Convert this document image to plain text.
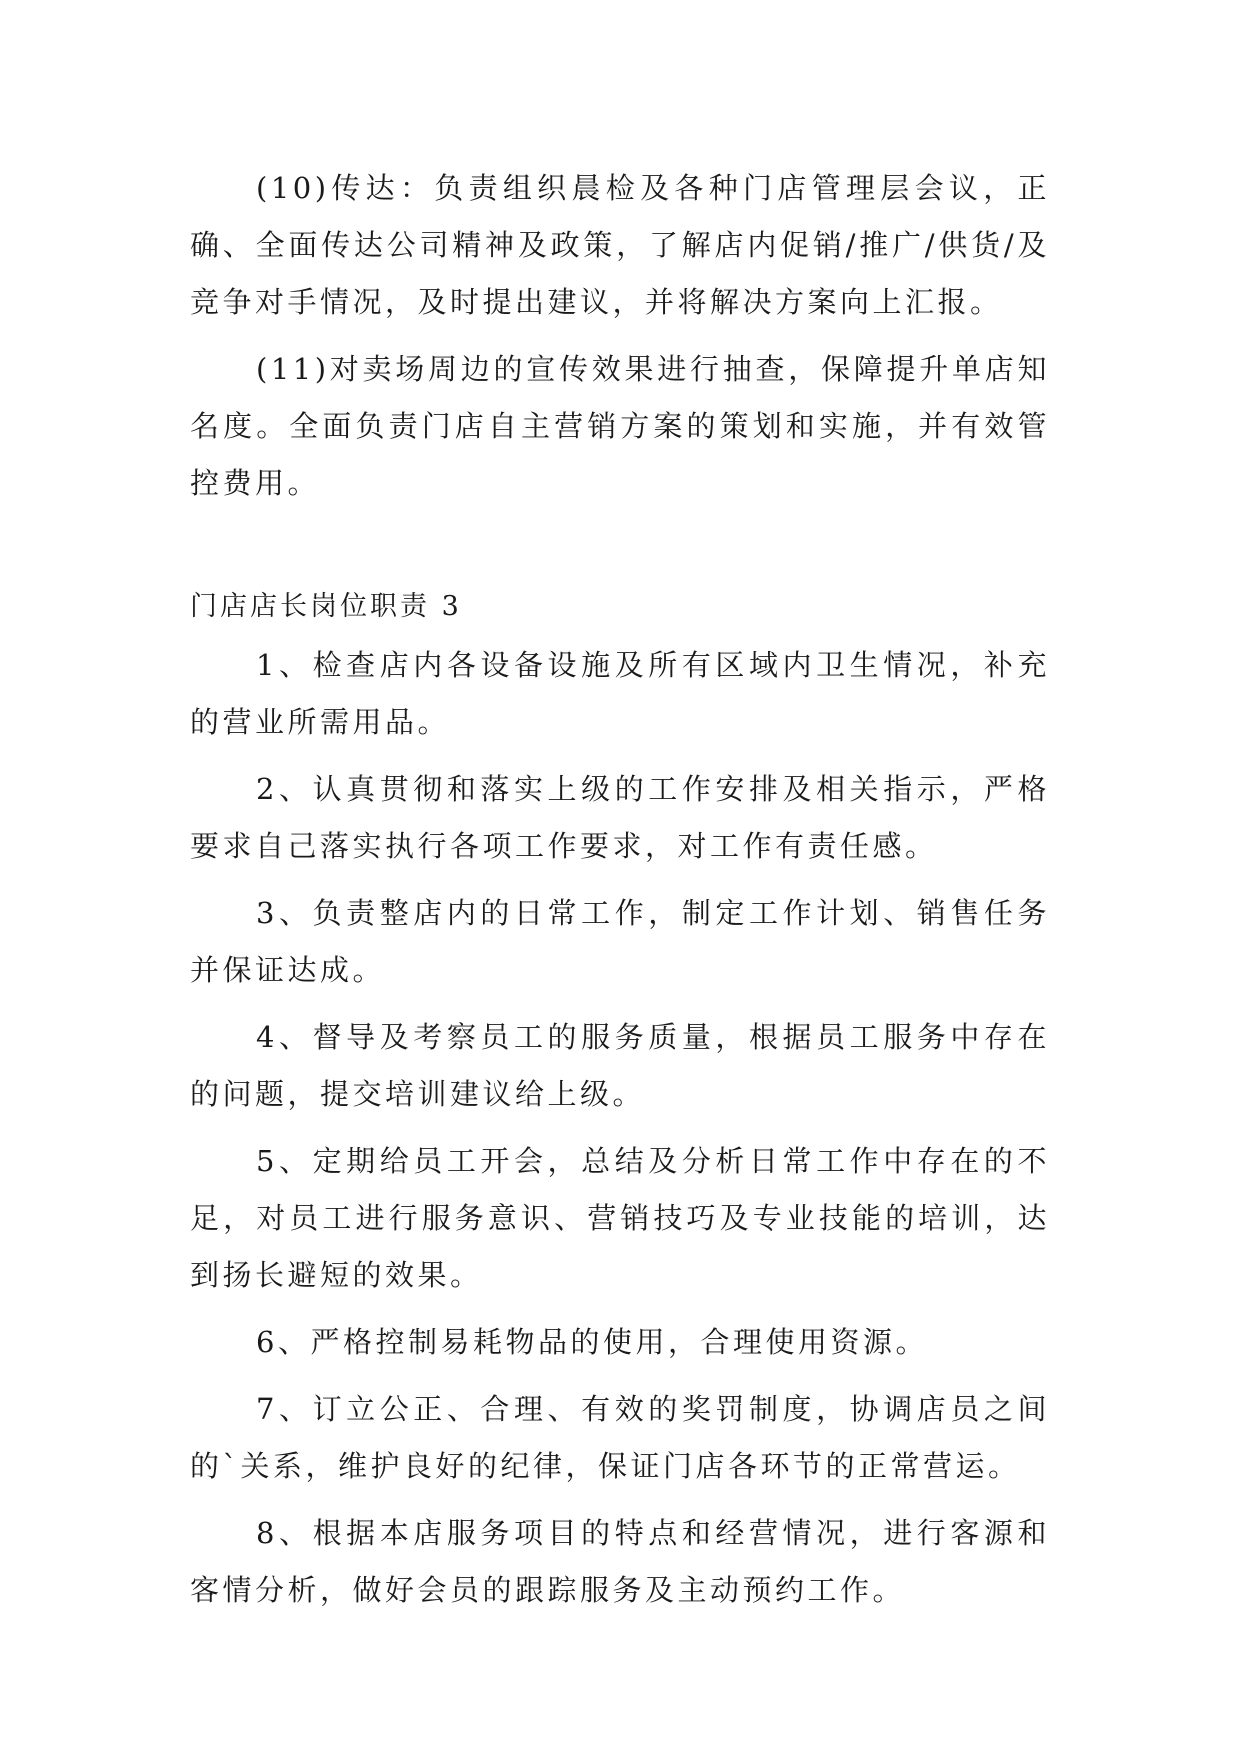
(10)传达：负责组织晨检及各种门店管理层会议，正确、全面传达公司精神及政策，了解店内促销/推广/供货/及竞争对手情况，及时提出建议，并将解决方案向上汇报。

(11)对卖场周边的宣传效果进行抽查，保障提升单店知名度。全面负责门店自主营销方案的策划和实施，并有效管控费用。

门店店长岗位职责 3

1、检查店内各设备设施及所有区域内卫生情况，补充的营业所需用品。

2、认真贯彻和落实上级的工作安排及相关指示，严格要求自己落实执行各项工作要求，对工作有责任感。

3、负责整店内的日常工作，制定工作计划、销售任务并保证达成。

4、督导及考察员工的服务质量，根据员工服务中存在的问题，提交培训建议给上级。

5、定期给员工开会，总结及分析日常工作中存在的不足，对员工进行服务意识、营销技巧及专业技能的培训，达到扬长避短的效果。

6、严格控制易耗物品的使用，合理使用资源。

7、订立公正、合理、有效的奖罚制度，协调店员之间的`关系，维护良好的纪律，保证门店各环节的正常营运。

8、根据本店服务项目的特点和经营情况，进行客源和客情分析，做好会员的跟踪服务及主动预约工作。
